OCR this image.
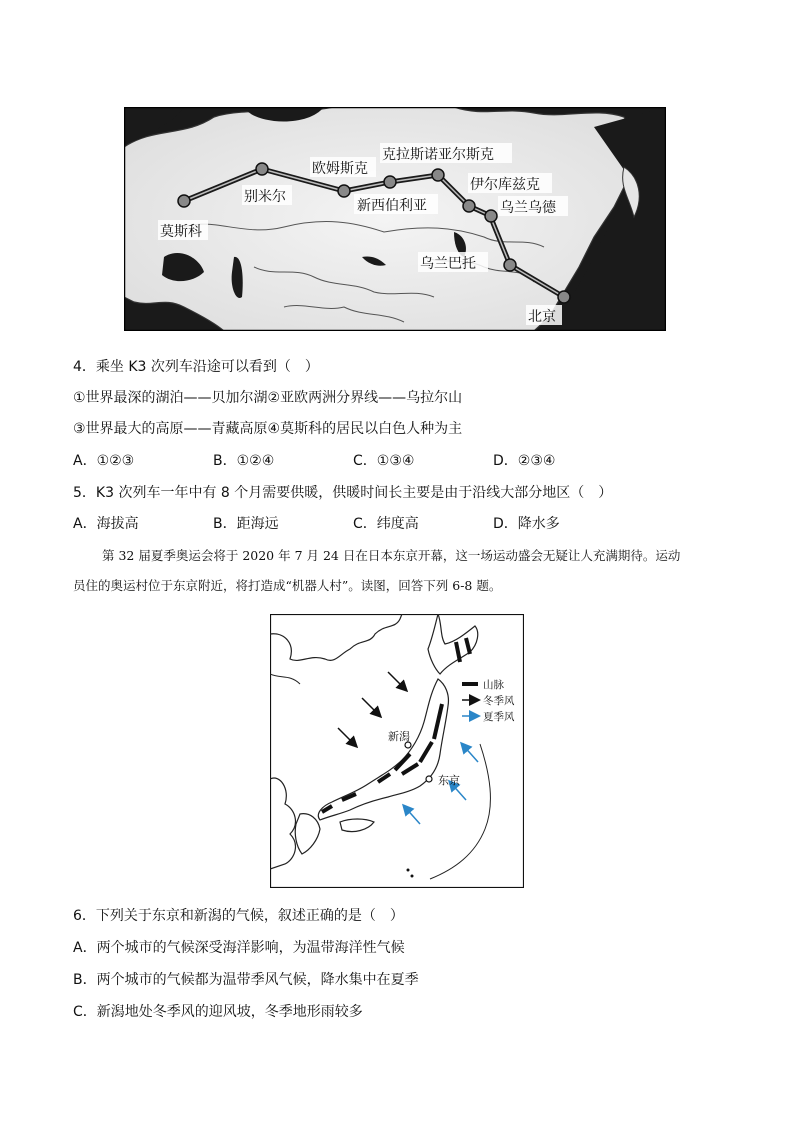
莫斯科
别米尔
欧姆斯克
新西伯利亚
克拉斯诺亚尔斯克
伊尔库兹克
乌兰乌德
乌兰巴托
北京
4．乘坐 K3 次列车沿途可以看到（　）
①世界最深的湖泊——贝加尔湖②亚欧两洲分界线——乌拉尔山
③世界最大的高原——青藏高原④莫斯科的居民以白色人种为主
A．①②③	B．①②④	C．①③④	D．②③④
5．K3 次列车一年中有 8 个月需要供暖，供暖时间长主要是由于沿线大部分地区（　）
A．海拔高	B．距海远	C．纬度高	D．降水多
第 32 届夏季奥运会将于 2020 年 7 月 24 日在日本东京开幕，这一场运动盛会无疑让人充满期待。运动
员住的奥运村位于东京附近，将打造成“机器人村”。读图，回答下列 6-8 题。
新潟
东京
山脉
冬季风
夏季风
6．下列关于东京和新潟的气候，叙述正确的是（　）
A．两个城市的气候深受海洋影响，为温带海洋性气候
B．两个城市的气候都为温带季风气候，降水集中在夏季
C．新潟地处冬季风的迎风坡，冬季地形雨较多
